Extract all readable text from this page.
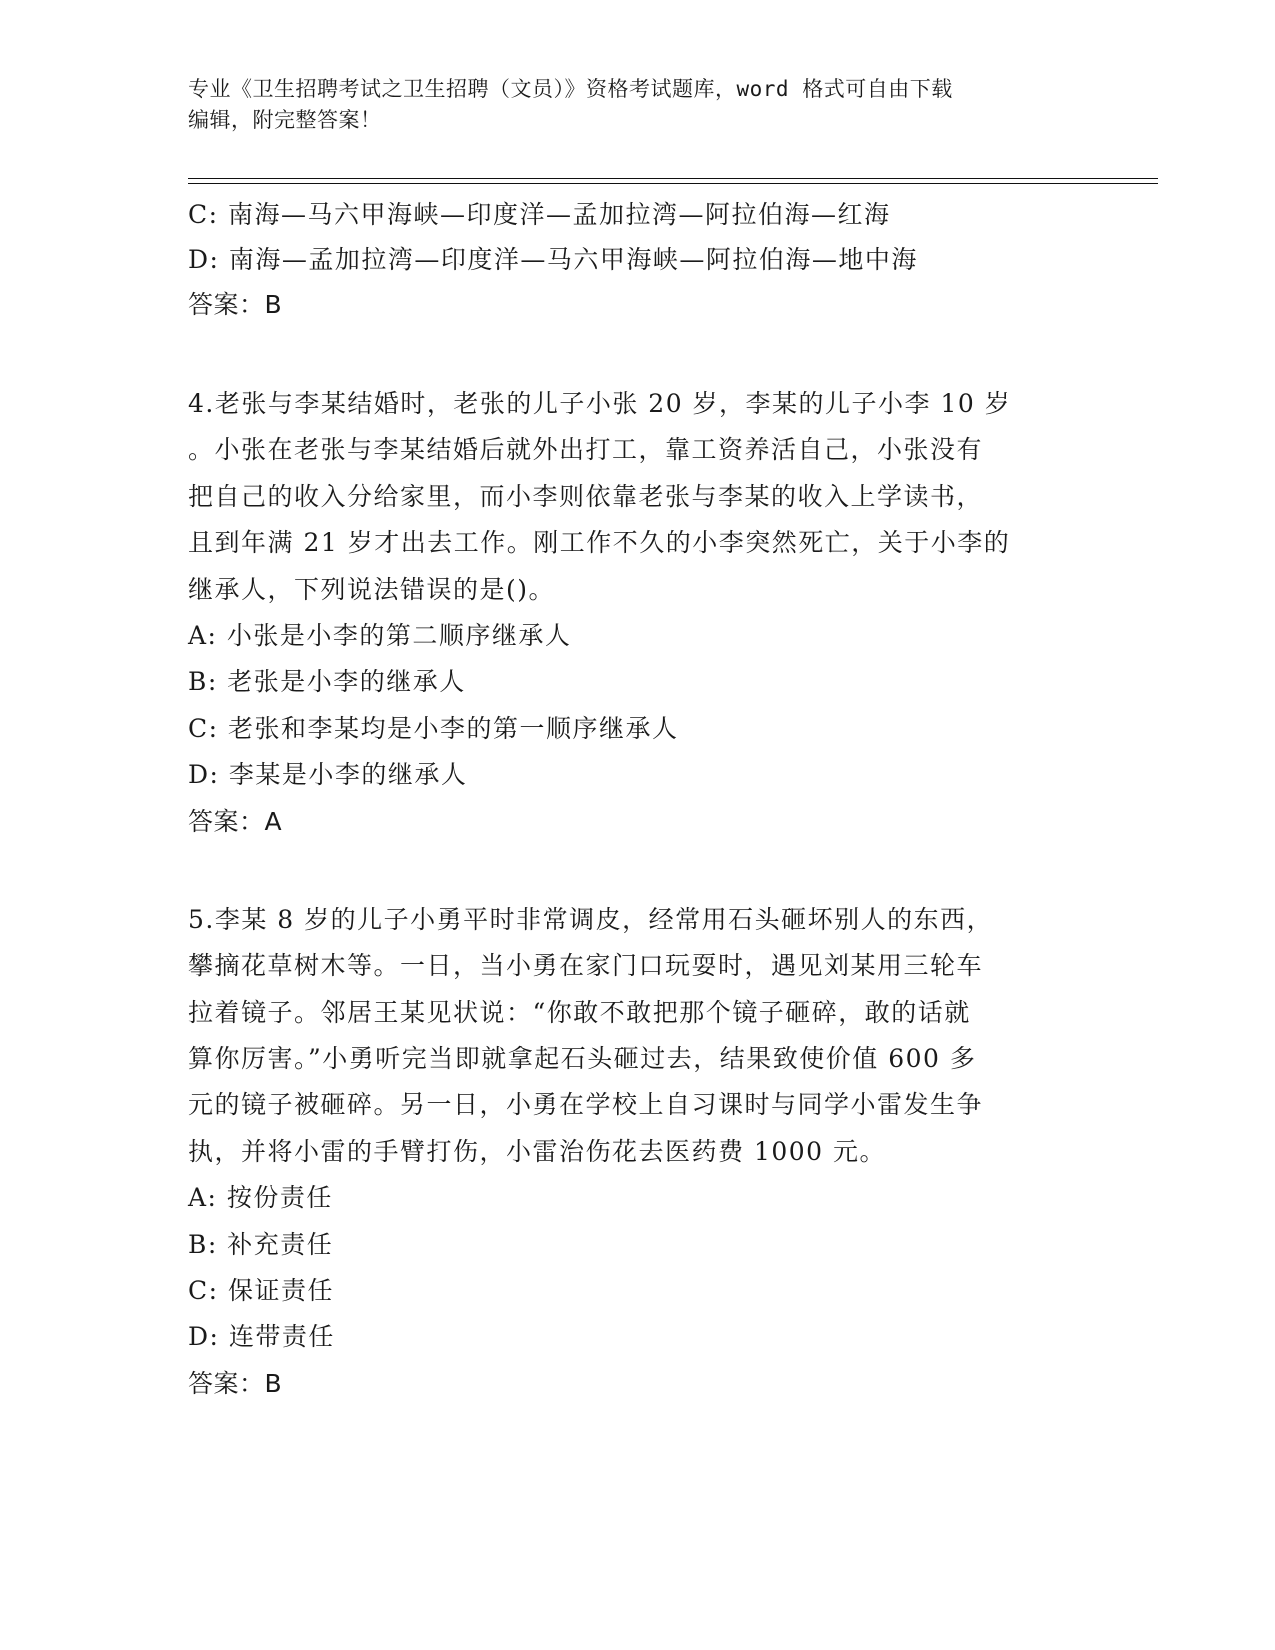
专业《卫生招聘考试之卫生招聘（文员）》资格考试题库，word 格式可自由下载
编辑，附完整答案！
C: 南海—马六甲海峡—印度洋—孟加拉湾—阿拉伯海—红海
D: 南海—孟加拉湾—印度洋—马六甲海峡—阿拉伯海—地中海
答案：B
4.老张与李某结婚时，老张的儿子小张 20 岁，李某的儿子小李 10 岁
。小张在老张与李某结婚后就外出打工，靠工资养活自己，小张没有
把自己的收入分给家里，而小李则依靠老张与李某的收入上学读书，
且到年满 21 岁才出去工作。刚工作不久的小李突然死亡，关于小李的
继承人，下列说法错误的是()。
A: 小张是小李的第二顺序继承人
B: 老张是小李的继承人
C: 老张和李某均是小李的第一顺序继承人
D: 李某是小李的继承人
答案：A
5.李某 8 岁的儿子小勇平时非常调皮，经常用石头砸坏别人的东西，
攀摘花草树木等。一日，当小勇在家门口玩耍时，遇见刘某用三轮车
拉着镜子。邻居王某见状说：“你敢不敢把那个镜子砸碎，敢的话就
算你厉害。”小勇听完当即就拿起石头砸过去，结果致使价值 600 多
元的镜子被砸碎。另一日，小勇在学校上自习课时与同学小雷发生争
执，并将小雷的手臂打伤，小雷治伤花去医药费 1000 元。
A: 按份责任
B: 补充责任
C: 保证责任
D: 连带责任
答案：B
